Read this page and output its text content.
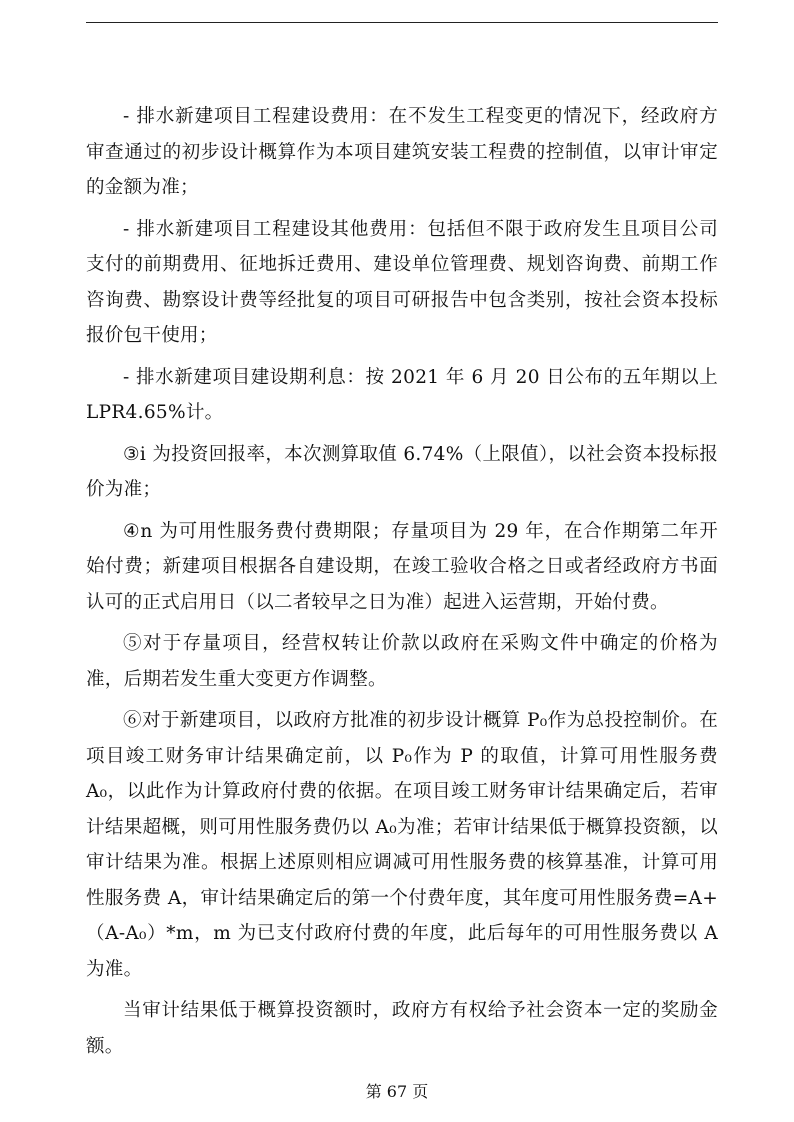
- 排水新建项目工程建设费用：在不发生工程变更的情况下，经政府方审查通过的初步设计概算作为本项目建筑安装工程费的控制值，以审计审定的金额为准；

- 排水新建项目工程建设其他费用：包括但不限于政府发生且项目公司支付的前期费用、征地拆迁费用、建设单位管理费、规划咨询费、前期工作咨询费、勘察设计费等经批复的项目可研报告中包含类别，按社会资本投标报价包干使用；

- 排水新建项目建设期利息：按 2021 年 6 月 20 日公布的五年期以上 LPR4.65%计。

③i 为投资回报率，本次测算取值 6.74%（上限值），以社会资本投标报价为准；

④n 为可用性服务费付费期限；存量项目为 29 年，在合作期第二年开始付费；新建项目根据各自建设期，在竣工验收合格之日或者经政府方书面认可的正式启用日（以二者较早之日为准）起进入运营期，开始付费。

⑤对于存量项目，经营权转让价款以政府在采购文件中确定的价格为准，后期若发生重大变更方作调整。

⑥对于新建项目，以政府方批准的初步设计概算 P₀作为总投控制价。在项目竣工财务审计结果确定前，以 P₀作为 P 的取值，计算可用性服务费 A₀，以此作为计算政府付费的依据。在项目竣工财务审计结果确定后，若审计结果超概，则可用性服务费仍以 A₀为准；若审计结果低于概算投资额，以审计结果为准。根据上述原则相应调减可用性服务费的核算基准，计算可用性服务费 A，审计结果确定后的第一个付费年度，其年度可用性服务费=A+（A-A₀）*m，m 为已支付政府付费的年度，此后每年的可用性服务费以 A 为准。

当审计结果低于概算投资额时，政府方有权给予社会资本一定的奖励金额。

第 67 页
